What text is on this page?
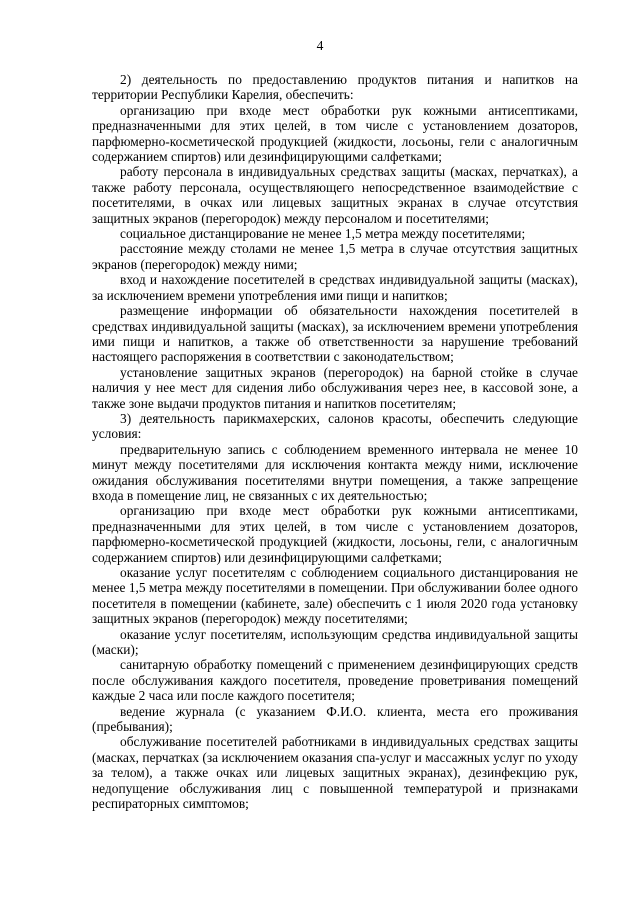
4

2) деятельность по предоставлению продуктов питания и напитков на территории Республики Карелия, обеспечить:

организацию при входе мест обработки рук кожными антисептиками, предназначенными для этих целей, в том числе с установлением дозаторов, парфюмерно-косметической продукцией (жидкости, лосьоны, гели с аналогичным содержанием спиртов) или дезинфицирующими салфетками;

работу персонала в индивидуальных средствах защиты (масках, перчатках), а также работу персонала, осуществляющего непосредственное взаимодействие с посетителями, в очках или лицевых защитных экранах в случае отсутствия защитных экранов (перегородок) между персоналом и посетителями;

социальное дистанцирование не менее 1,5 метра между посетителями;

расстояние между столами не менее 1,5 метра в случае отсутствия защитных экранов (перегородок) между ними;

вход и нахождение посетителей в средствах индивидуальной защиты (масках), за исключением времени употребления ими пищи и напитков;

размещение информации об обязательности нахождения посетителей в средствах индивидуальной защиты (масках), за исключением времени употребления ими пищи и напитков, а также об ответственности за нарушение требований настоящего распоряжения в соответствии с законодательством;

установление защитных экранов (перегородок) на барной стойке в случае наличия у нее мест для сидения либо обслуживания через нее, в кассовой зоне, а также зоне выдачи продуктов питания и напитков посетителям;

3) деятельность парикмахерских, салонов красоты, обеспечить следующие условия:

предварительную запись с соблюдением временного интервала не менее 10 минут между посетителями для исключения контакта между ними, исключение ожидания обслуживания посетителями внутри помещения, а также запрещение входа в помещение лиц, не связанных с их деятельностью;

организацию при входе мест обработки рук кожными антисептиками, предназначенными для этих целей, в том числе с установлением дозаторов, парфюмерно-косметической продукцией (жидкости, лосьоны, гели, с аналогичным содержанием спиртов) или дезинфицирующими салфетками;

оказание услуг посетителям с соблюдением социального дистанцирования не менее 1,5 метра между посетителями в помещении. При обслуживании более одного посетителя в помещении (кабинете, зале) обеспечить с 1 июля 2020 года установку защитных экранов (перегородок) между посетителями;

оказание услуг посетителям, использующим средства индивидуальной защиты (маски);

санитарную обработку помещений с применением дезинфицирующих средств после обслуживания каждого посетителя, проведение проветривания помещений каждые 2 часа или после каждого посетителя;

ведение журнала (с указанием Ф.И.О. клиента, места его проживания (пребывания);

обслуживание посетителей работниками в индивидуальных средствах защиты (масках, перчатках (за исключением оказания спа-услуг и массажных услуг по уходу за телом), а также очках или лицевых защитных экранах), дезинфекцию рук, недопущение обслуживания лиц с повышенной температурой и признаками респираторных симптомов;
